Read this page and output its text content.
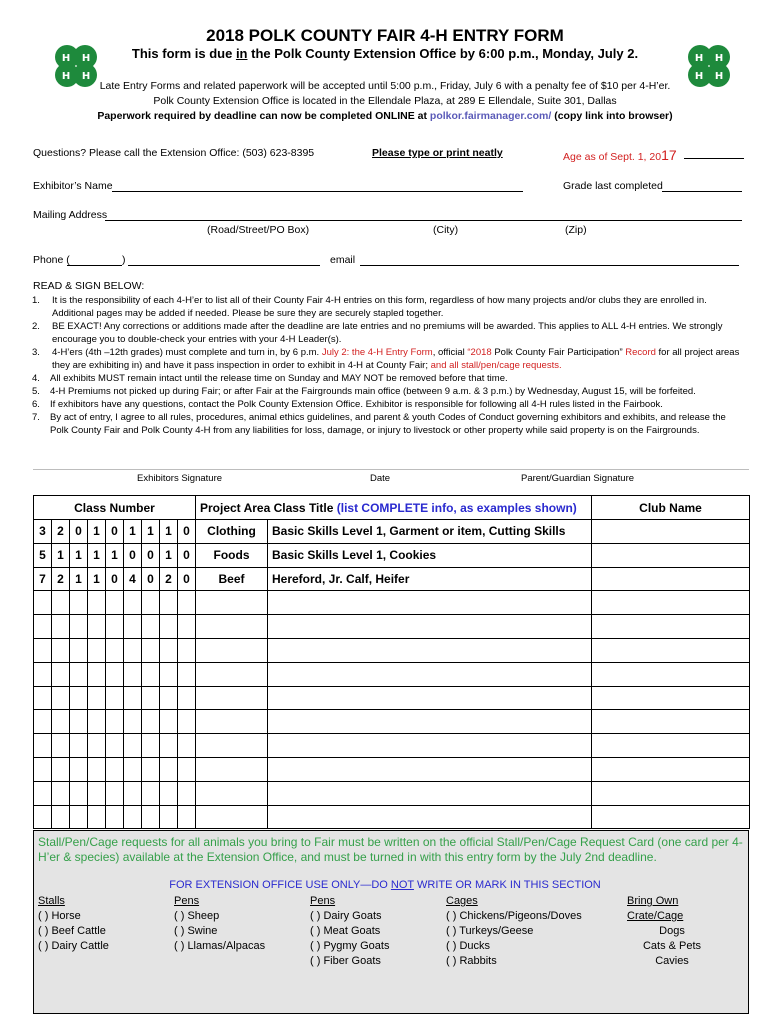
H H
H H
H H
H H
2018 POLK COUNTY FAIR 4-H ENTRY FORM
This form is due in the Polk County Extension Office by 6:00 p.m., Monday, July 2.
Late Entry Forms and related paperwork will be accepted until 5:00 p.m., Friday, July 6 with a penalty fee of $10 per 4-H’er.
Polk County Extension Office is located in the Ellendale Plaza, at 289 E Ellendale, Suite 301, Dallas
Paperwork required by deadline can now be completed ONLINE at polkor.fairmanager.com/ (copy link into browser)
Questions? Please call the Extension Office: (503) 623-8395	Please type or print neatly	Age as of Sept. 1, 2017
Exhibitor’s Name	Grade last completed
Mailing Address
(Road/Street/PO Box)	(City)	(Zip)
Phone (	)	email
READ & SIGN BELOW:
1. It is the responsibility of each 4-H’er to list all of their County Fair 4-H entries on this form, regardless of how many projects and/or clubs they are enrolled in. Additional pages may be added if needed. Please be sure they are securely stapled together.
2. BE EXACT! Any corrections or additions made after the deadline are late entries and no premiums will be awarded. This applies to ALL 4-H entries. We strongly encourage you to double-check your entries with your 4-H Leader(s).
3. 4-H’ers (4th –12th grades) must complete and turn in, by 6 p.m. July 2: the 4-H Entry Form, official “2018 Polk County Fair Participation” Record for all project areas they are exhibiting in) and have it pass inspection in order to exhibit in 4-H at County Fair; and all stall/pen/cage requests.
4. All exhibits MUST remain intact until the release time on Sunday and MAY NOT be removed before that time.
5. 4-H Premiums not picked up during Fair; or after Fair at the Fairgrounds main office (between 9 a.m. & 3 p.m.) by Wednesday, August 15, will be forfeited.
6. If exhibitors have any questions, contact the Polk County Extension Office. Exhibitor is responsible for following all 4-H rules listed in the Fairbook.
7. By act of entry, I agree to all rules, procedures, animal ethics guidelines, and parent & youth Codes of Conduct governing exhibitors and exhibits, and release the Polk County Fair and Polk County 4-H from any liabilities for loss, damage, or injury to livestock or other property while said property is on the Fairgrounds.
Exhibitors Signature	Date	Parent/Guardian Signature
Class Number									Project Area Class Title (list COMPLETE info, as examples shown)		Club Name
3	2	0	1	0	1	1	1	0	Clothing	Basic Skills Level 1, Garment or item, Cutting Skills	
5	1	1	1	1	0	0	1	0	Foods	Basic Skills Level 1, Cookies	
7	2	1	1	0	4	0	2	0	Beef	Hereford, Jr. Calf, Heifer	

Stall/Pen/Cage requests for all animals you bring to Fair must be written on the official Stall/Pen/Cage Request Card (one card per 4-H’er & species) available at the Extension Office, and must be turned in with this entry form by the July 2nd deadline.
FOR EXTENSION OFFICE USE ONLY—DO NOT WRITE OR MARK IN THIS SECTION
Stalls
( ) Horse
( ) Beef Cattle
( ) Dairy Cattle
Pens
( ) Sheep
( ) Swine
( ) Llamas/Alpacas
Pens
( ) Dairy Goats
( ) Meat Goats
( ) Pygmy Goats
( ) Fiber Goats
Cages
( ) Chickens/Pigeons/Doves
( ) Turkeys/Geese
( ) Ducks
( ) Rabbits
Bring Own Crate/Cage
Dogs
Cats & Pets
Cavies
